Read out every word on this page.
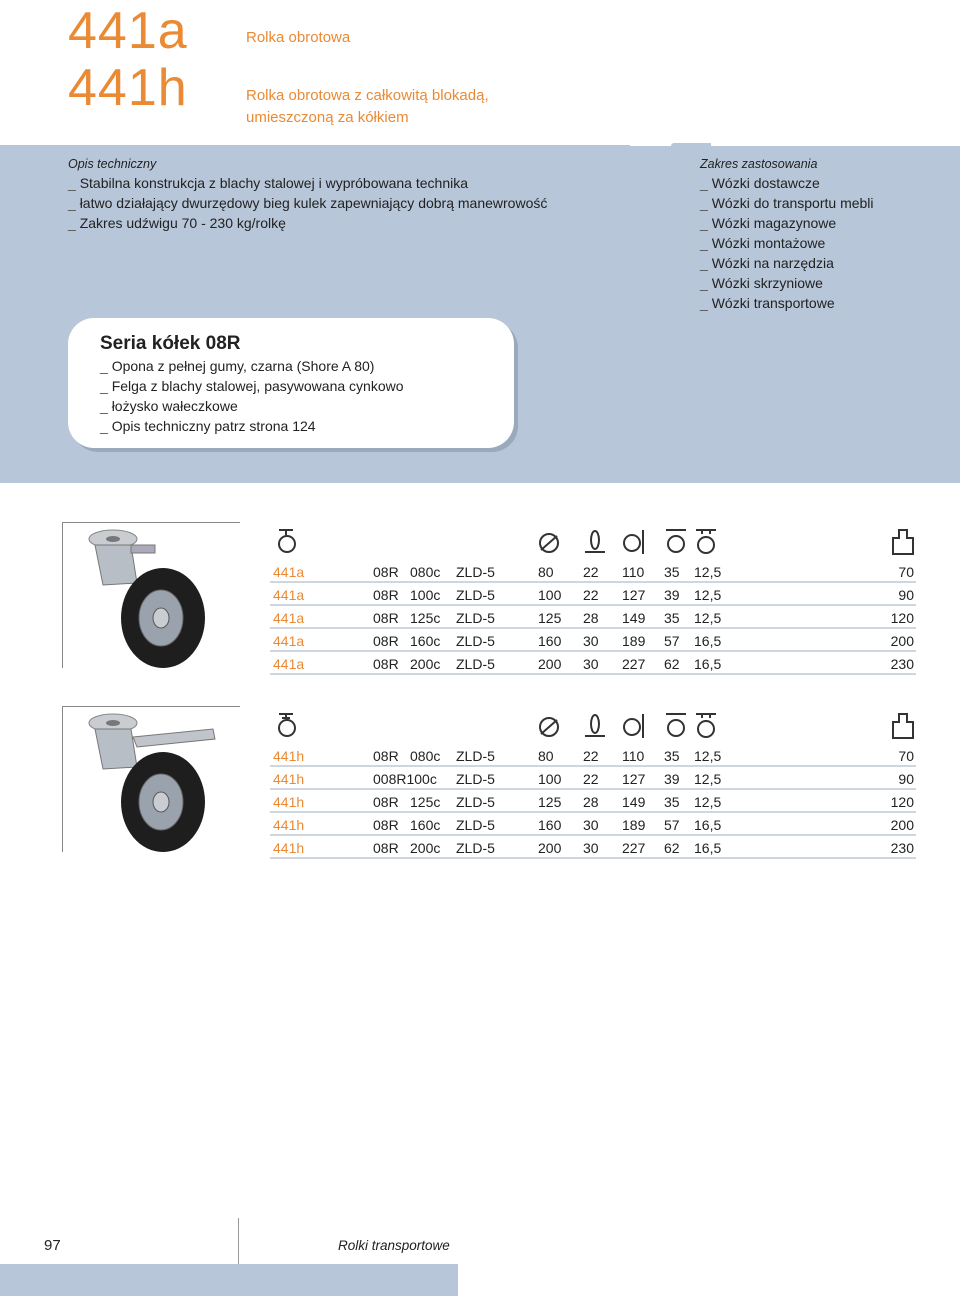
441a
441h
Rolka obrotowa
Rolka obrotowa z całkowitą blokadą, umieszczoną za kółkiem
Opis techniczny
_ Stabilna konstrukcja z blachy stalowej i wypróbowana technika
_ łatwo działający dwurzędowy bieg kulek zapewniający dobrą manewrowość
_ Zakres udźwigu 70 - 230 kg/rolkę
Zakres zastosowania
_ Wózki dostawcze
_ Wózki do transportu mebli
_ Wózki magazynowe
_ Wózki montażowe
_ Wózki na narzędzia
_ Wózki skrzyniowe
_ Wózki transportowe
Seria kółek 08R
_ Opona z pełnej gumy, czarna (Shore A 80)
_ Felga z blachy stalowej, pasywowana cynkowo
_ łożysko wałeczkowe
_ Opis techniczny patrz strona 124
441a	08R 080c ZLD-5	80 22 110 35 12,5	70
441a	08R 100c ZLD-5	100 22 127 39 12,5	90
441a	08R 125c ZLD-5	125 28 149 35 12,5	120
441a	08R 160c ZLD-5	160 30 189 57 16,5	200
441a	08R 200c ZLD-5	200 30 227 62 16,5	230
441h	08R 080c ZLD-5	80 22 110 35 12,5	70
441h	008R100c ZLD-5	100 22 127 39 12,5	90
441h	08R 125c ZLD-5	125 28 149 35 12,5	120
441h	08R 160c ZLD-5	160 30 189 57 16,5	200
441h	08R 200c ZLD-5	200 30 227 62 16,5	230
97	Rolki transportowe
